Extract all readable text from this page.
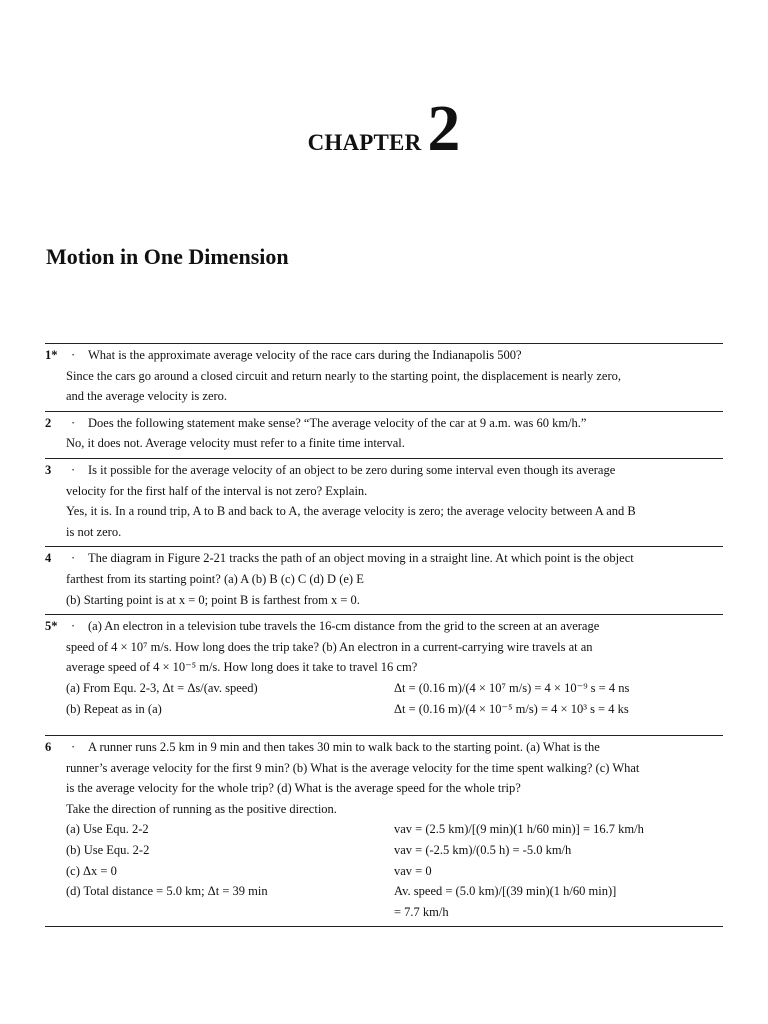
CHAPTER 2
Motion in One Dimension
1* · What is the approximate average velocity of the race cars during the Indianapolis 500?
Since the cars go around a closed circuit and return nearly to the starting point, the displacement is nearly zero,
and the average velocity is zero.
2 · Does the following statement make sense? “The average velocity of the car at 9 a.m. was 60 km/h.”
No, it does not. Average velocity must refer to a finite time interval.
3 · Is it possible for the average velocity of an object to be zero during some interval even though its average
velocity for the first half of the interval is not zero? Explain.
Yes, it is. In a round trip, A to B and back to A, the average velocity is zero; the average velocity between A and B
is not zero.
4 · The diagram in Figure 2-21 tracks the path of an object moving in a straight line. At which point is the object
farthest from its starting point? (a) A (b) B (c) C (d) D (e) E
(b) Starting point is at x = 0; point B is farthest from x = 0.
5* · (a) An electron in a television tube travels the 16-cm distance from the grid to the screen at an average
speed of 4 × 10⁷ m/s. How long does the trip take? (b) An electron in a current-carrying wire travels at an
average speed of 4 × 10⁻⁵ m/s. How long does it take to travel 16 cm?
(a) From Equ. 2-3, Δt = Δs/(av. speed)	Δt = (0.16 m)/(4 × 10⁷ m/s) = 4 × 10⁻⁹ s = 4 ns
(b) Repeat as in (a)	Δt = (0.16 m)/(4 × 10⁻⁵ m/s) = 4 × 10³ s = 4 ks
6 · A runner runs 2.5 km in 9 min and then takes 30 min to walk back to the starting point. (a) What is the
runner’s average velocity for the first 9 min? (b) What is the average velocity for the time spent walking? (c) What
is the average velocity for the whole trip? (d) What is the average speed for the whole trip?
Take the direction of running as the positive direction.
(a) Use Equ. 2-2	vav = (2.5 km)/[(9 min)(1 h/60 min)] = 16.7 km/h
(b) Use Equ. 2-2	vav = (-2.5 km)/(0.5 h) = -5.0 km/h
(c) Δx = 0	vav = 0
(d) Total distance = 5.0 km; Δt = 39 min	Av. speed = (5.0 km)/[(39 min)(1 h/60 min)]
= 7.7 km/h
